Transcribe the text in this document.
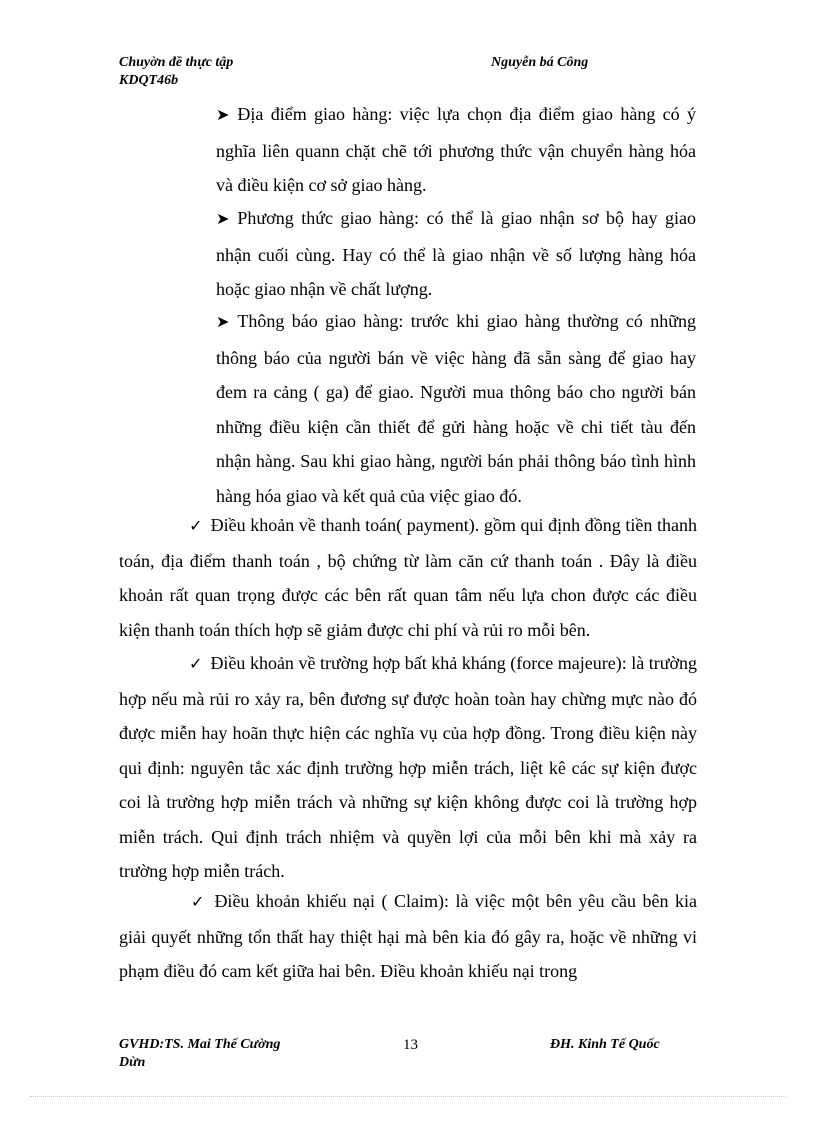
Chuyờn đề thực tập
KDQT46b
Nguyễn bá Công
➤ Địa điểm giao hàng: việc lựa chọn địa điểm giao hàng có ý nghĩa liên quann chặt chẽ tới phương thức vận chuyển hàng hóa và điều kiện cơ sở giao hàng.
➤ Phương thức giao hàng: có thể là giao nhận sơ bộ hay giao nhận cuối cùng. Hay có thể là giao nhận về số lượng hàng hóa hoặc giao nhận về chất lượng.
➤ Thông báo giao hàng: trước khi giao hàng thường có những thông báo của người bán về việc hàng đã sẵn sàng để giao hay đem ra cảng ( ga) để giao. Người mua thông báo cho người bán những điều kiện cần thiết để gửi hàng hoặc về chi tiết tàu đến nhận hàng. Sau khi giao hàng, người bán phải thông báo tình hình hàng hóa giao và kết quả của việc giao đó.
✓ Điều khoản về thanh toán( payment). gồm qui định đồng tiền thanh toán, địa điểm thanh toán , bộ chứng từ làm căn cứ thanh toán . Đây là điều khoản rất quan trọng được các bên rất quan tâm nếu lựa chon được các điều kiện thanh toán thích hợp sẽ giảm được chi phí và rủi ro mỗi bên.
✓ Điều khoản về trường hợp bất khả kháng (force majeure): là trường hợp nếu mà rủi ro xảy ra, bên đương sự được hoàn toàn hay chừng mực nào đó được miễn hay hoãn thực hiện các nghĩa vụ của hợp đồng. Trong điều kiện này qui định: nguyên tắc xác định trường hợp miễn trách, liệt kê các sự kiện được coi là trường hợp miễn trách và những sự kiện không được coi là trường hợp miễn trách. Qui định trách nhiệm và quyền lợi của mỗi bên khi mà xảy ra trường hợp miễn trách.
✓ Điều khoản khiếu nại ( Claim): là việc một bên yêu cầu bên kia giải quyết những tổn thất hay thiệt hại mà bên kia đó gây ra, hoặc về những vi phạm điều đó cam kết giữa hai bên. Điều khoản khiếu nại trong
GVHD:TS. Mai Thế Cường
Dừn
13	ĐH. Kinh Tế Quốc
